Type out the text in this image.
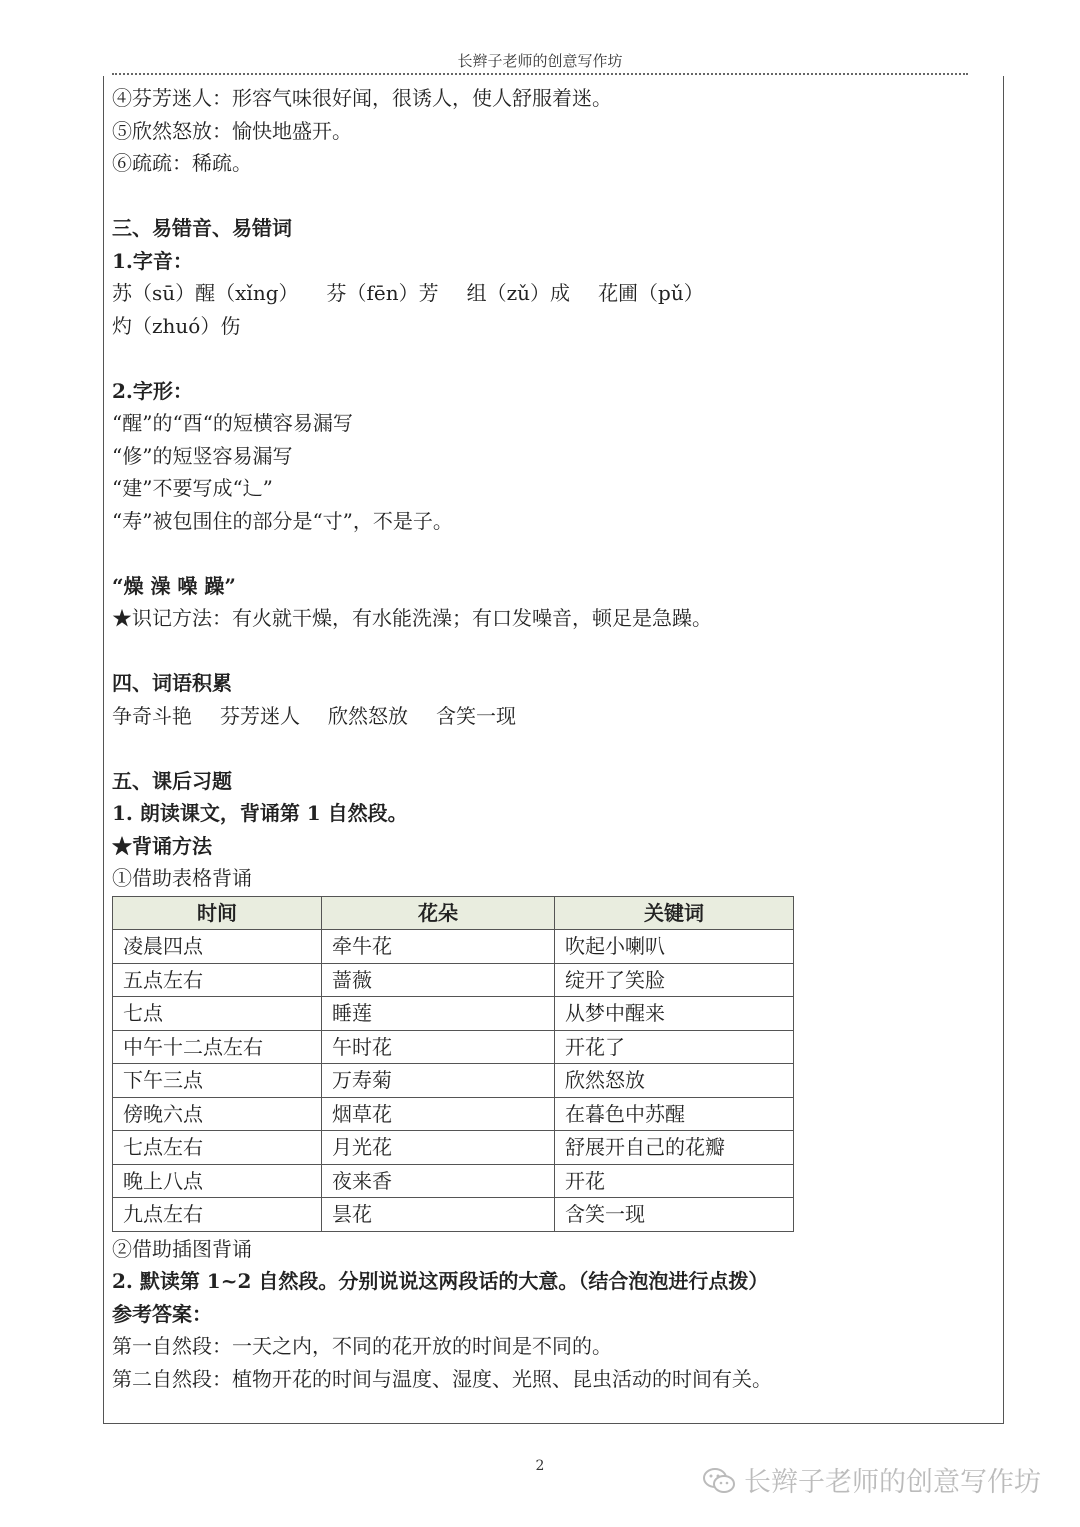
长辫子老师的创意写作坊
④芬芳迷人：形容气味很好闻，很诱人，使人舒服着迷。
⑤欣然怒放：愉快地盛开。
⑥疏疏：稀疏。
三、易错音、易错词
1.字音：
苏（sū）醒（xǐng） 芬（fēn）芳 组（zǔ）成 花圃（pǔ）
灼（zhuó）伤
2.字形：
“醒”的“酉“的短横容易漏写
“修”的短竖容易漏写
“建”不要写成“辶”
“寿”被包围住的部分是“寸”，不是子。
“燥 澡 噪 躁”
★识记方法：有火就干燥，有水能洗澡；有口发噪音，顿足是急躁。
四、词语积累
争奇斗艳 芬芳迷人 欣然怒放 含笑一现
五、课后习题
1. 朗读课文，背诵第 1 自然段。
★背诵方法
①借助表格背诵
时间	花朵	关键词
凌晨四点	牵牛花	吹起小喇叭
五点左右	蔷薇	绽开了笑脸
七点	睡莲	从梦中醒来
中午十二点左右	午时花	开花了
下午三点	万寿菊	欣然怒放
傍晚六点	烟草花	在暮色中苏醒
七点左右	月光花	舒展开自己的花瓣
晚上八点	夜来香	开花
九点左右	昙花	含笑一现
②借助插图背诵
2. 默读第 1~2 自然段。分别说说这两段话的大意。（结合泡泡进行点拨）
参考答案：
第一自然段：一天之内，不同的花开放的时间是不同的。
第二自然段：植物开花的时间与温度、湿度、光照、昆虫活动的时间有关。
2
长辫子老师的创意写作坊
